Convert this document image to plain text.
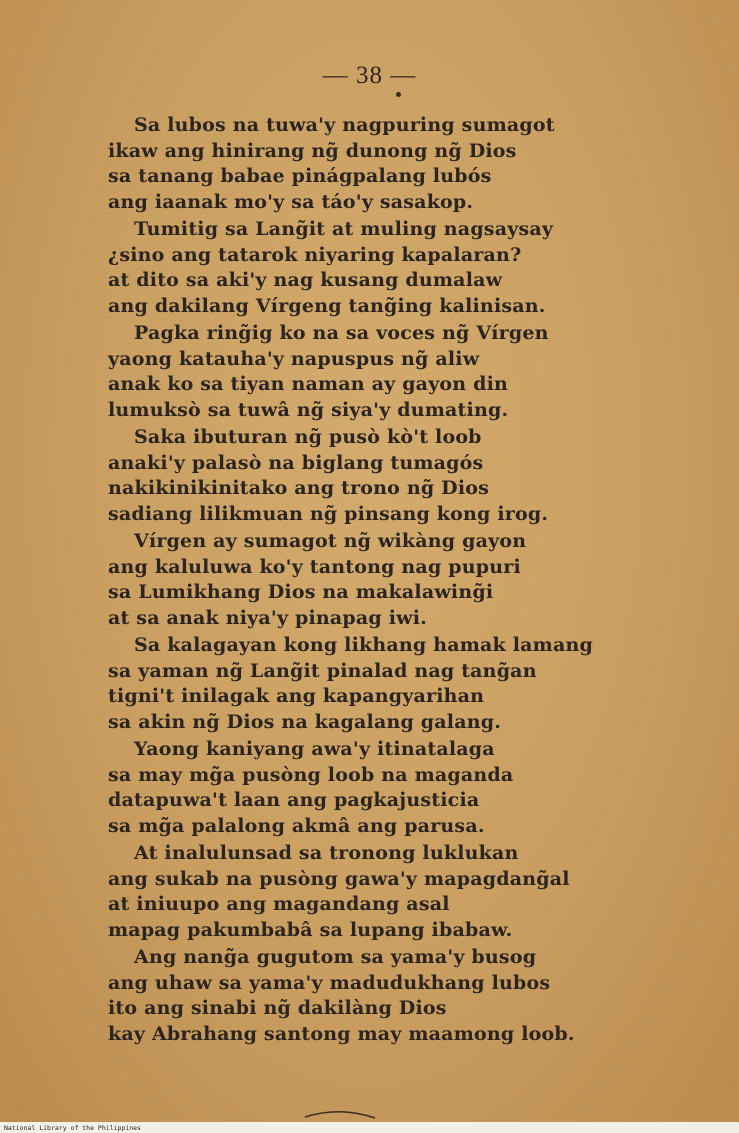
— 38 —
Sa lubos na tuwa'y nagpuring sumagot
ikaw ang hinirang ng̃ dunong ng̃ Dios
sa tanang babae pinágpalang lubós
ang iaanak mo'y sa táo'y sasakop.
Tumitig sa Lang̃it at muling nagsaysay
¿sino ang tatarok niyaring kapalaran?
at dito sa aki'y nag kusang dumalaw
ang dakilang Vírgeng tang̃ing kalinisan.
Pagka ring̃ig ko na sa voces ng̃ Vírgen
yaong katauha'y napuspus ng̃ aliw
anak ko sa tiyan naman ay gayon din
lumuksò sa tuwâ ng̃ siya'y dumating.
Saka ibuturan ng̃ pusò kò't loob
anaki'y palasò na biglang tumagós
nakikinikinitako ang trono ng̃ Dios
sadiang lilikmuan ng̃ pinsang kong irog.
Vírgen ay sumagot ng̃ wikàng gayon
ang kaluluwa ko'y tantong nag pupuri
sa Lumikhang Dios na makalawing̃i
at sa anak niya'y pinapag iwi.
Sa kalagayan kong likhang hamak lamang
sa yaman ng̃ Lang̃it pinalad nag tang̃an
tigni't inilagak ang kapangyarihan
sa akin ng̃ Dios na kagalang galang.
Yaong kaniyang awa'y itinatalaga
sa may mg̃a pusòng loob na maganda
datapuwa't laan ang pagkajusticia
sa mg̃a palalong akmâ ang parusa.
At inalulunsad sa tronong luklukan
ang sukab na pusòng gawa'y mapagdang̃al
at iniuupo ang magandang asal
mapag pakumbabâ sa lupang ibabaw.
Ang nang̃a gugutom sa yama'y busog
ang uhaw sa yama'y madudukhang lubos
ito ang sinabi ng̃ dakilàng Dios
kay Abrahang santong may maamong loob.
National Library of the Philippines
